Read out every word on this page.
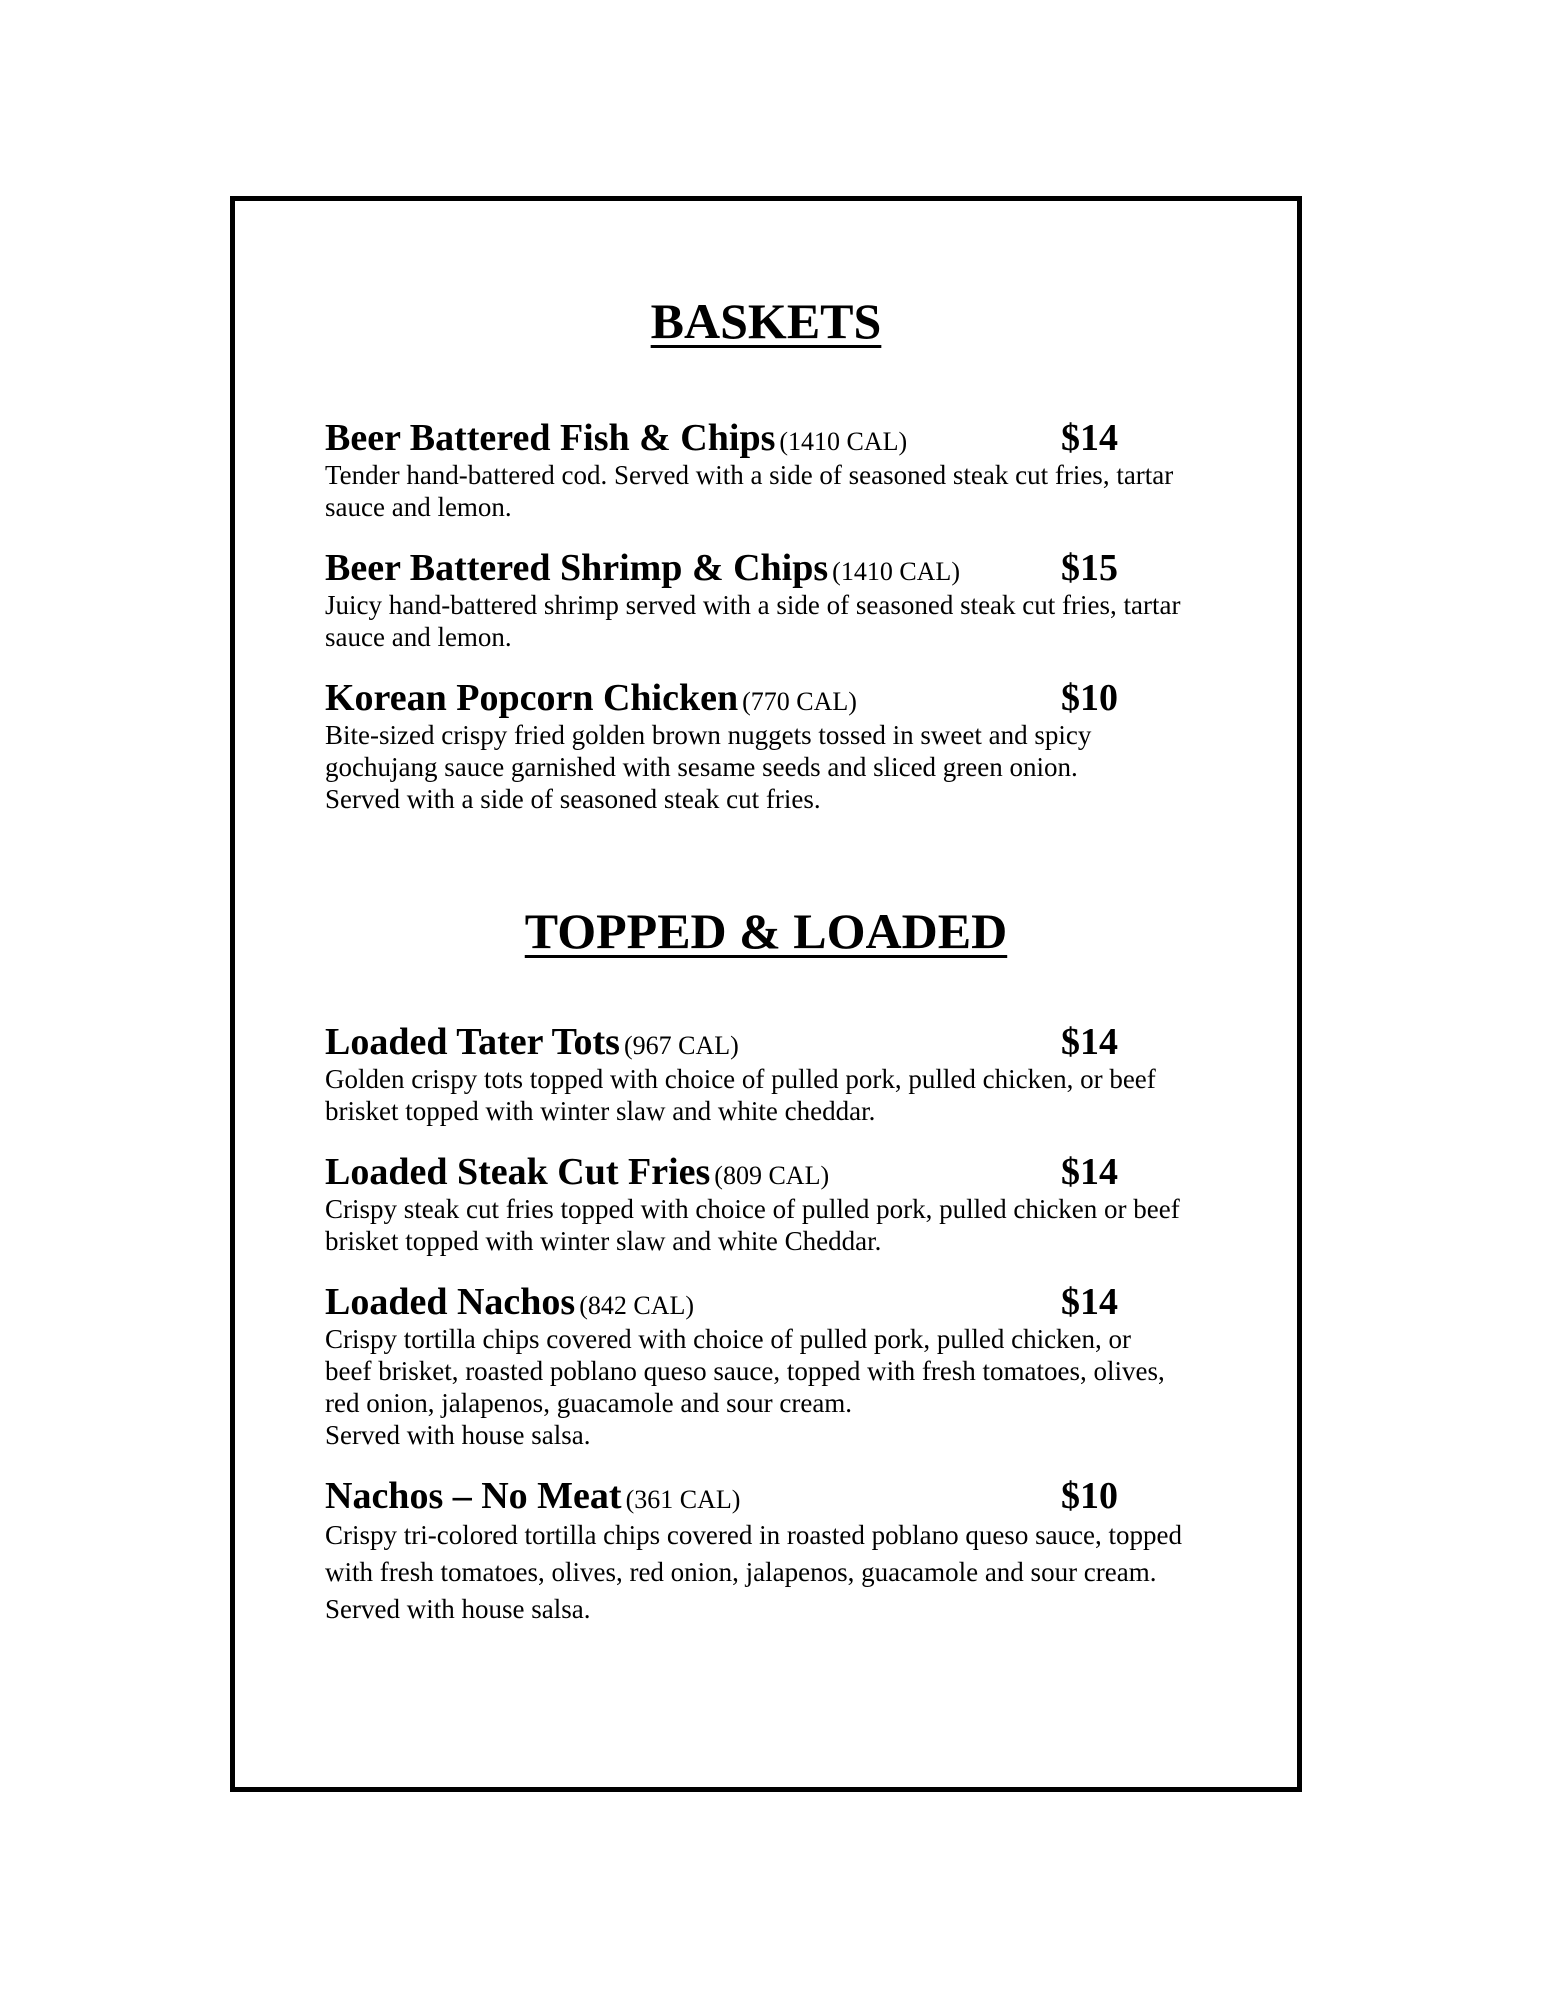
BASKETS
Beer Battered Fish & Chips (1410 CAL)	$14

Tender hand-battered cod. Served with a side of seasoned steak cut fries, tartar
sauce and lemon.

Beer Battered Shrimp & Chips (1410 CAL)	$15

Juicy hand-battered shrimp served with a side of seasoned steak cut fries, tartar
sauce and lemon.

Korean Popcorn Chicken (770 CAL)	$10

Bite-sized crispy fried golden brown nuggets tossed in sweet and spicy
gochujang sauce garnished with sesame seeds and sliced green onion.
Served with a side of seasoned steak cut fries.

TOPPED & LOADED
Loaded Tater Tots (967 CAL)	$14

Golden crispy tots topped with choice of pulled pork, pulled chicken, or beef
brisket topped with winter slaw and white cheddar.

Loaded Steak Cut Fries (809 CAL)	$14

Crispy steak cut fries topped with choice of pulled pork, pulled chicken or beef
brisket topped with winter slaw and white Cheddar.

Loaded Nachos (842 CAL)	$14

Crispy tortilla chips covered with choice of pulled pork, pulled chicken, or
beef brisket, roasted poblano queso sauce, topped with fresh tomatoes, olives,
red onion, jalapenos, guacamole and sour cream.
Served with house salsa.

Nachos – No Meat (361 CAL)	$10

Crispy tri-colored tortilla chips covered in roasted poblano queso sauce, topped
with fresh tomatoes, olives, red onion, jalapenos, guacamole and sour cream.
Served with house salsa.
